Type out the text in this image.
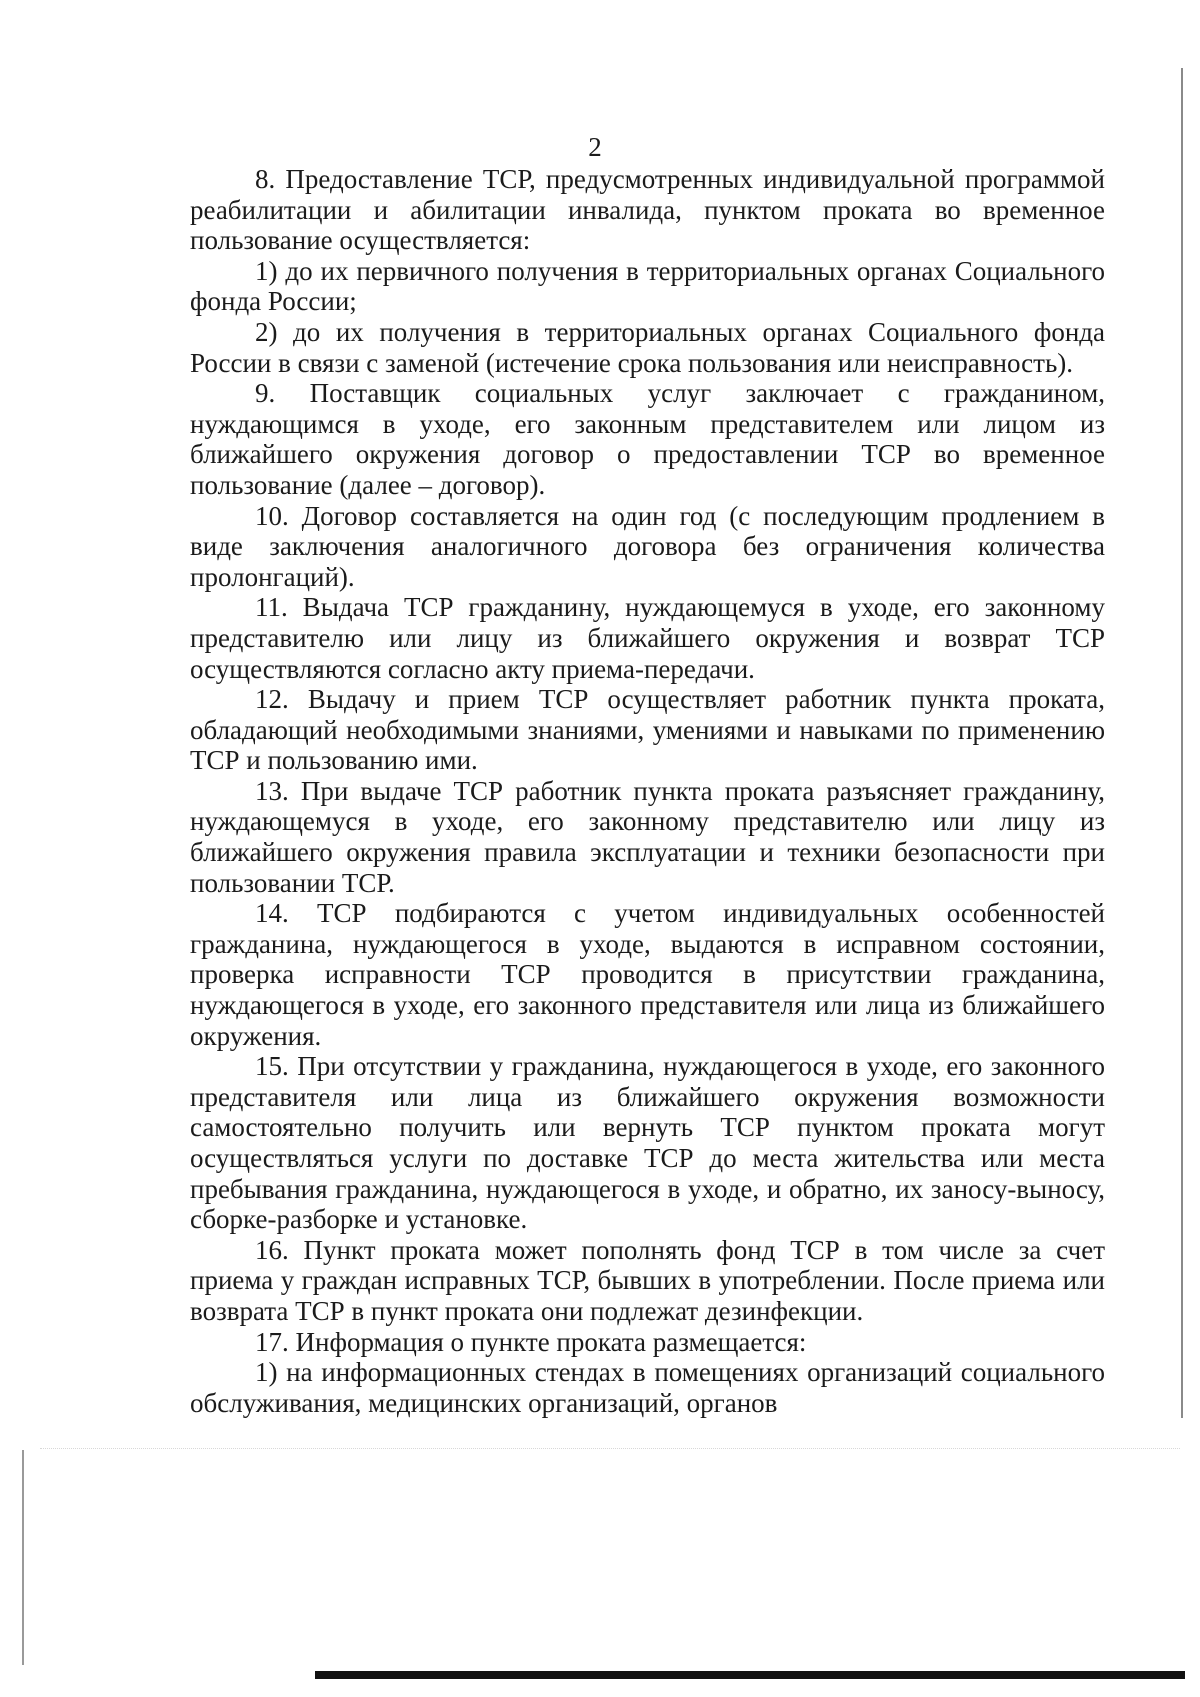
2

8. Предоставление ТСР, предусмотренных индивидуальной программой реабилитации и абилитации инвалида, пунктом проката во временное пользование осуществляется:

1) до их первичного получения в территориальных органах Социального фонда России;

2) до их получения в территориальных органах Социального фонда России в связи с заменой (истечение срока пользования или неисправность).

9. Поставщик социальных услуг заключает с гражданином, нуждающимся в уходе, его законным представителем или лицом из ближайшего окружения договор о предоставлении ТСР во временное пользование (далее – договор).

10. Договор составляется на один год (с последующим продлением в виде заключения аналогичного договора без ограничения количества пролонгаций).

11. Выдача ТСР гражданину, нуждающемуся в уходе, его законному представителю или лицу из ближайшего окружения и возврат ТСР осуществляются согласно акту приема-передачи.

12. Выдачу и прием ТСР осуществляет работник пункта проката, обладающий необходимыми знаниями, умениями и навыками по применению ТСР и пользованию ими.

13. При выдаче ТСР работник пункта проката разъясняет гражданину, нуждающемуся в уходе, его законному представителю или лицу из ближайшего окружения правила эксплуатации и техники безопасности при пользовании ТСР.

14. ТСР подбираются с учетом индивидуальных особенностей гражданина, нуждающегося в уходе, выдаются в исправном состоянии, проверка исправности ТСР проводится в присутствии гражданина, нуждающегося в уходе, его законного представителя или лица из ближайшего окружения.

15. При отсутствии у гражданина, нуждающегося в уходе, его законного представителя или лица из ближайшего окружения возможности самостоятельно получить или вернуть ТСР пунктом проката могут осуществляться услуги по доставке ТСР до места жительства или места пребывания гражданина, нуждающегося в уходе, и обратно, их заносу-выносу, сборке-разборке и установке.

16. Пункт проката может пополнять фонд ТСР в том числе за счет приема у граждан исправных ТСР, бывших в употреблении. После приема или возврата ТСР в пункт проката они подлежат дезинфекции.

17. Информация о пункте проката размещается:

1) на информационных стендах в помещениях организаций социального обслуживания, медицинских организаций, органов
